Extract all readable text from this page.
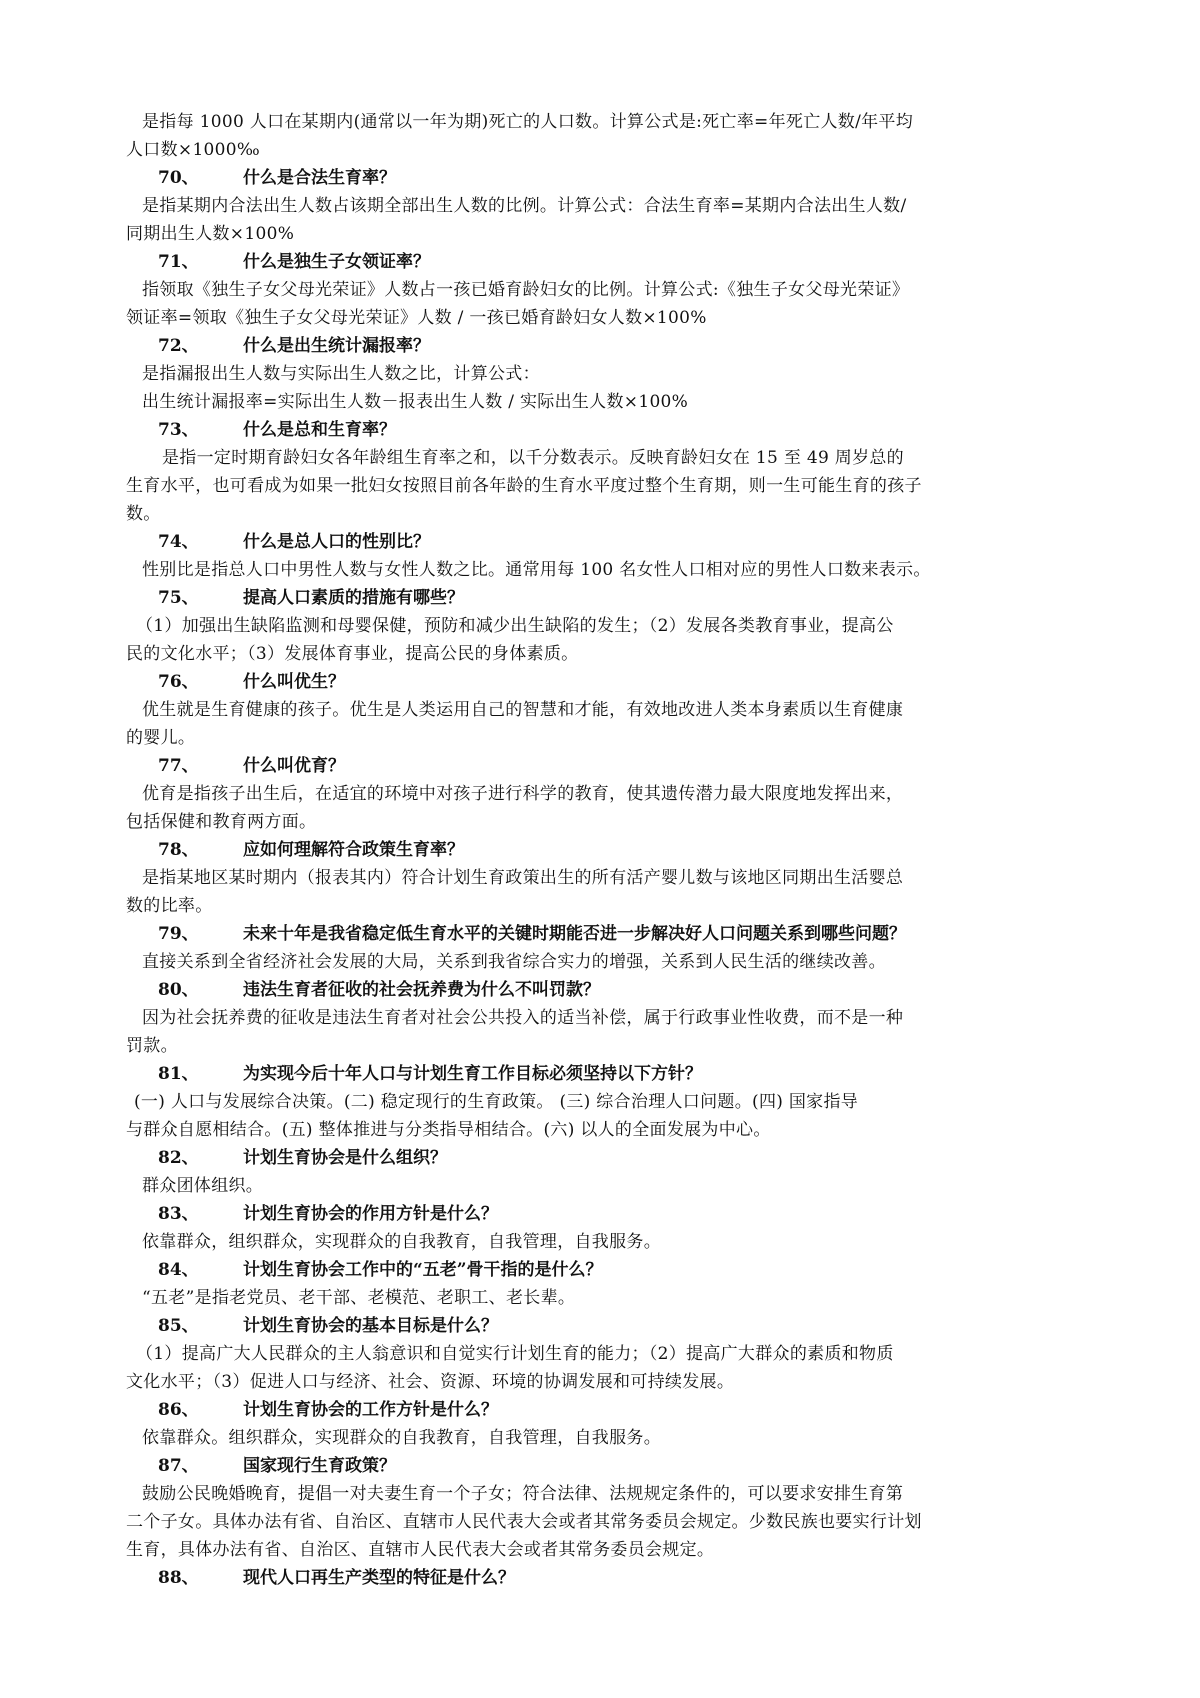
是指每 1000 人口在某期内(通常以一年为期)死亡的人口数。计算公式是:死亡率=年死亡人数/年平均
人口数×1000‰
70、	什么是合法生育率？
是指某期内合法出生人数占该期全部出生人数的比例。计算公式：合法生育率=某期内合法出生人数/
同期出生人数×100%
71、	什么是独生子女领证率？
指领取《独生子女父母光荣证》人数占一孩已婚育龄妇女的比例。计算公式:《独生子女父母光荣证》
领证率=领取《独生子女父母光荣证》人数 / 一孩已婚育龄妇女人数×100%
72、	什么是出生统计漏报率？
是指漏报出生人数与实际出生人数之比，计算公式：
出生统计漏报率=实际出生人数－报表出生人数 / 实际出生人数×100%
73、	什么是总和生育率？
是指一定时期育龄妇女各年龄组生育率之和，以千分数表示。反映育龄妇女在 15 至 49 周岁总的
生育水平，也可看成为如果一批妇女按照目前各年龄的生育水平度过整个生育期，则一生可能生育的孩子
数。
74、	什么是总人口的性别比？
性别比是指总人口中男性人数与女性人数之比。通常用每 100 名女性人口相对应的男性人口数来表示。
75、	提高人口素质的措施有哪些？
（1）加强出生缺陷监测和母婴保健，预防和减少出生缺陷的发生；（2）发展各类教育事业，提高公
民的文化水平；（3）发展体育事业，提高公民的身体素质。
76、	什么叫优生？
优生就是生育健康的孩子。优生是人类运用自己的智慧和才能，有效地改进人类本身素质以生育健康
的婴儿。
77、	什么叫优育？
优育是指孩子出生后，在适宜的环境中对孩子进行科学的教育，使其遗传潜力最大限度地发挥出来，
包括保健和教育两方面。
78、	应如何理解符合政策生育率？
是指某地区某时期内（报表其内）符合计划生育政策出生的所有活产婴儿数与该地区同期出生活婴总
数的比率。
79、	未来十年是我省稳定低生育水平的关键时期能否进一步解决好人口问题关系到哪些问题？
直接关系到全省经济社会发展的大局，关系到我省综合实力的增强，关系到人民生活的继续改善。
80、	违法生育者征收的社会抚养费为什么不叫罚款？
因为社会抚养费的征收是违法生育者对社会公共投入的适当补偿，属于行政事业性收费，而不是一种
罚款。
81、	为实现今后十年人口与计划生育工作目标必须坚持以下方针？
(一) 人口与发展综合决策。(二) 稳定现行的生育政策。 (三) 综合治理人口问题。(四) 国家指导
与群众自愿相结合。(五) 整体推进与分类指导相结合。(六) 以人的全面发展为中心。
82、	计划生育协会是什么组织？
群众团体组织。
83、	计划生育协会的作用方针是什么？
依靠群众，组织群众，实现群众的自我教育，自我管理，自我服务。
84、	计划生育协会工作中的“五老”骨干指的是什么？
“五老”是指老党员、老干部、老模范、老职工、老长辈。
85、	计划生育协会的基本目标是什么？
（1）提高广大人民群众的主人翁意识和自觉实行计划生育的能力；（2）提高广大群众的素质和物质
文化水平；（3）促进人口与经济、社会、资源、环境的协调发展和可持续发展。
86、	计划生育协会的工作方针是什么？
依靠群众。组织群众，实现群众的自我教育，自我管理，自我服务。
87、	国家现行生育政策？
鼓励公民晚婚晚育，提倡一对夫妻生育一个子女；符合法律、法规规定条件的，可以要求安排生育第
二个子女。具体办法有省、自治区、直辖市人民代表大会或者其常务委员会规定。少数民族也要实行计划
生育，具体办法有省、自治区、直辖市人民代表大会或者其常务委员会规定。
88、	现代人口再生产类型的特征是什么？
